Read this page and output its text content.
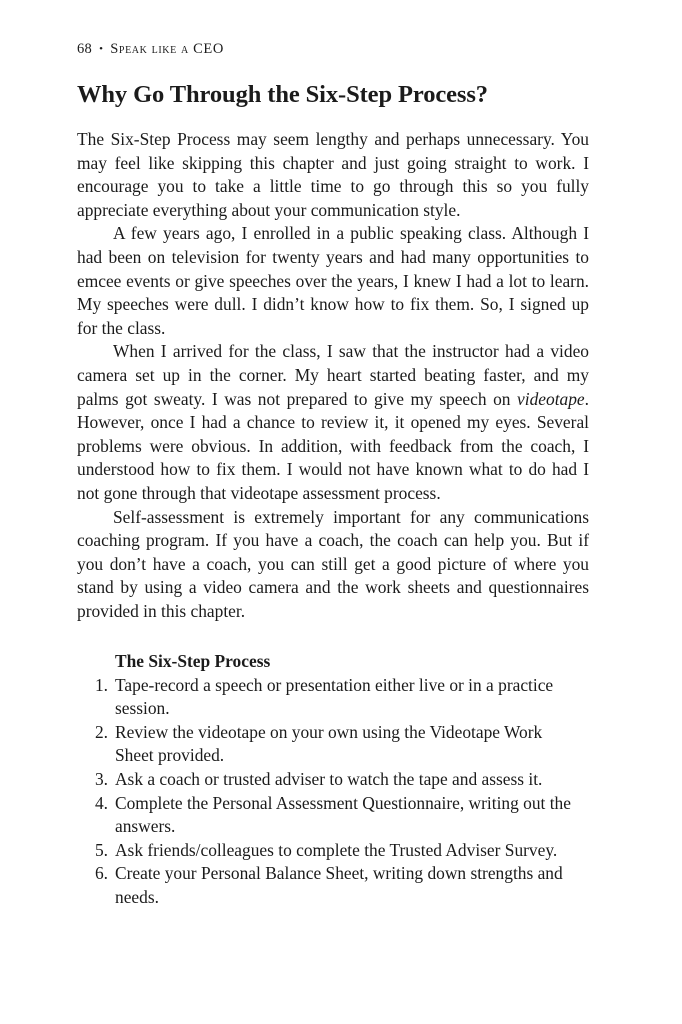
68 • Speak like a CEO
Why Go Through the Six-Step Process?

The Six-Step Process may seem lengthy and perhaps unnecessary. You may feel like skipping this chapter and just going straight to work. I encourage you to take a little time to go through this so you fully appreciate everything about your communication style.

A few years ago, I enrolled in a public speaking class. Although I had been on television for twenty years and had many opportunities to emcee events or give speeches over the years, I knew I had a lot to learn. My speeches were dull. I didn’t know how to fix them. So, I signed up for the class.

When I arrived for the class, I saw that the instructor had a video camera set up in the corner. My heart started beating faster, and my palms got sweaty. I was not prepared to give my speech on videotape. However, once I had a chance to review it, it opened my eyes. Several problems were obvious. In addition, with feedback from the coach, I understood how to fix them. I would not have known what to do had I not gone through that videotape assessment process.

Self-assessment is extremely important for any communications coaching program. If you have a coach, the coach can help you. But if you don’t have a coach, you can still get a good picture of where you stand by using a video camera and the work sheets and questionnaires provided in this chapter.

The Six-Step Process
1. Tape-record a speech or presentation either live or in a practice session.
2. Review the videotape on your own using the Videotape Work Sheet provided.
3. Ask a coach or trusted adviser to watch the tape and assess it.
4. Complete the Personal Assessment Questionnaire, writing out the answers.
5. Ask friends/colleagues to complete the Trusted Adviser Survey.
6. Create your Personal Balance Sheet, writing down strengths and needs.
